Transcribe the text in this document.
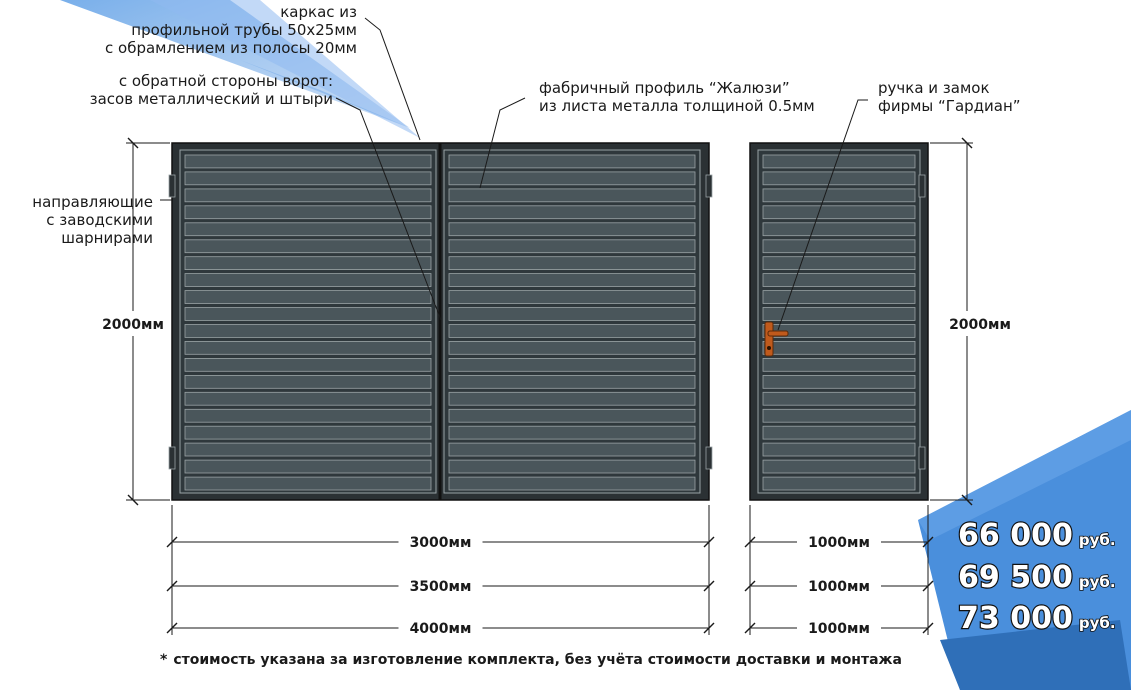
каркас из
профильной трубы 50х25мм
с обрамлением из полосы 20мм
с обратной стороны ворот:
засов металлический и штыри
фабричный профиль “Жалюзи”
из листа металла толщиной 0.5мм
ручка и замок
фирмы “Гардиан”
направляющие
с заводскими
шарнирами
2000мм	2000мм
3000мм	1000мм
3500мм	1000мм
4000мм	1000мм
66 000 руб.
69 500 руб.
73 000 руб.
* стоимость указана за изготовление комплекта, без учёта стоимости доставки и монтажа
